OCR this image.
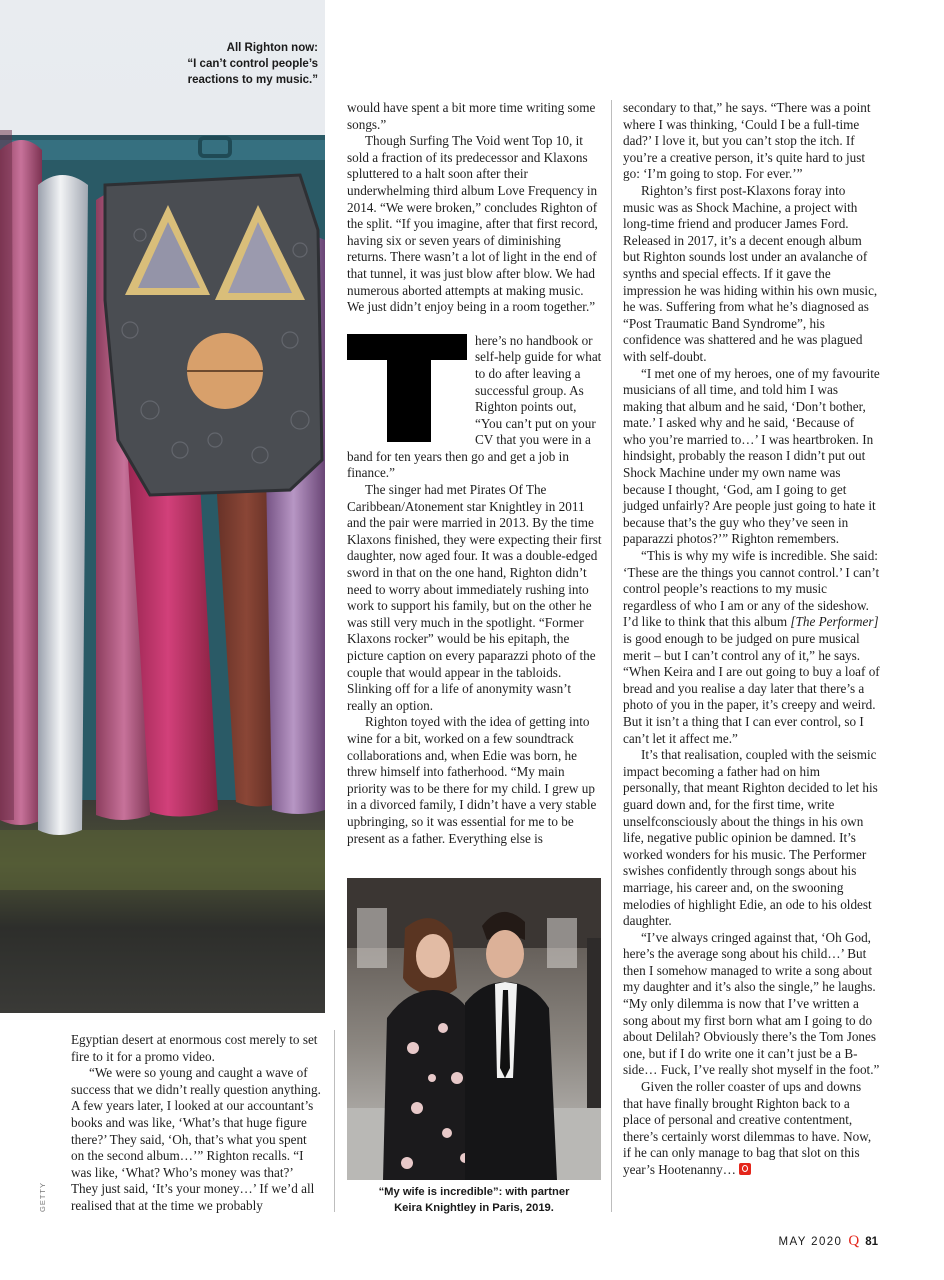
All Righton now:
“I can’t control people’s
reactions to my music.”
GETTY

Egyptian desert at enormous cost merely to set fire to it for a promo video.

“We were so young and caught a wave of success that we didn’t really question anything. A few years later, I looked at our accountant’s books and was like, ‘What’s that huge figure there?’ They said, ‘Oh, that’s what you spent on the second album…’” Righton recalls. “I was like, ‘What? Who’s money was that?’ They just said, ‘It’s your money…’ If we’d all realised that at the time we probably

would have spent a bit more time writing some songs.”

Though Surfing The Void went Top 10, it sold a fraction of its predecessor and Klaxons spluttered to a halt soon after their underwhelming third album Love Frequency in 2014. “We were broken,” concludes Righton of the split. “If you imagine, after that first record, having six or seven years of diminishing returns. There wasn’t a lot of light in the end of that tunnel, it was just blow after blow. We had numerous aborted attempts at making music. We just didn’t enjoy being in a room together.”

here’s no handbook or self-help guide for what to do after leaving a successful group. As Righton points out, “You can’t put on your CV that you were in a band for ten years then go and get a job in finance.”

The singer had met Pirates Of The Caribbean/Atonement star Knightley in 2011 and the pair were married in 2013. By the time Klaxons finished, they were expecting their first daughter, now aged four. It was a double-edged sword in that on the one hand, Righton didn’t need to worry about immediately rushing into work to support his family, but on the other he was still very much in the spotlight. “Former Klaxons rocker” would be his epitaph, the picture caption on every paparazzi photo of the couple that would appear in the tabloids. Slinking off for a life of anonymity wasn’t really an option.

Righton toyed with the idea of getting into wine for a bit, worked on a few soundtrack collaborations and, when Edie was born, he threw himself into fatherhood. “My main priority was to be there for my child. I grew up in a divorced family, I didn’t have a very stable upbringing, so it was essential for me to be present as a father. Everything else is

“My wife is incredible”: with partner
Keira Knightley in Paris, 2019.

secondary to that,” he says. “There was a point where I was thinking, ‘Could I be a full-time dad?’ I love it, but you can’t stop the itch. If you’re a creative person, it’s quite hard to just go: ‘I’m going to stop. For ever.’”

Righton’s first post-Klaxons foray into music was as Shock Machine, a project with long-time friend and producer James Ford. Released in 2017, it’s a decent enough album but Righton sounds lost under an avalanche of synths and special effects. If it gave the impression he was hiding within his own music, he was. Suffering from what he’s diagnosed as “Post Traumatic Band Syndrome”, his confidence was shattered and he was plagued with self-doubt.

“I met one of my heroes, one of my favourite musicians of all time, and told him I was making that album and he said, ‘Don’t bother, mate.’ I asked why and he said, ‘Because of who you’re married to…’ I was heartbroken. In hindsight, probably the reason I didn’t put out Shock Machine under my own name was because I thought, ‘God, am I going to get judged unfairly? Are people just going to hate it because that’s the guy who they’ve seen in paparazzi photos?’” Righton remembers.

“This is why my wife is incredible. She said: ‘These are the things you cannot control.’ I can’t control people’s reactions to my music regardless of who I am or any of the sideshow. I’d like to think that this album [The Performer] is good enough to be judged on pure musical merit – but I can’t control any of it,” he says. “When Keira and I are out going to buy a loaf of bread and you realise a day later that there’s a photo of you in the paper, it’s creepy and weird. But it isn’t a thing that I can ever control, so I can’t let it affect me.”

It’s that realisation, coupled with the seismic impact becoming a father had on him personally, that meant Righton decided to let his guard down and, for the first time, write unselfconsciously about the things in his own life, negative public opinion be damned. It’s worked wonders for his music. The Performer swishes confidently through songs about his marriage, his career and, on the swooning melodies of highlight Edie, an ode to his oldest daughter.

“I’ve always cringed against that, ‘Oh God, here’s the average song about his child…’ But then I somehow managed to write a song about my daughter and it’s also the single,” he laughs. “My only dilemma is now that I’ve written a song about my first born what am I going to do about Delilah? Obviously there’s the Tom Jones one, but if I do write one it can’t just be a B-side… Fuck, I’ve really shot myself in the foot.”

Given the roller coaster of ups and downs that have finally brought Righton back to a place of personal and creative contentment, there’s certainly worst dilemmas to have. Now, if he can only manage to bag that slot on this year’s Hootenanny…

MAY 2020 Q 81
